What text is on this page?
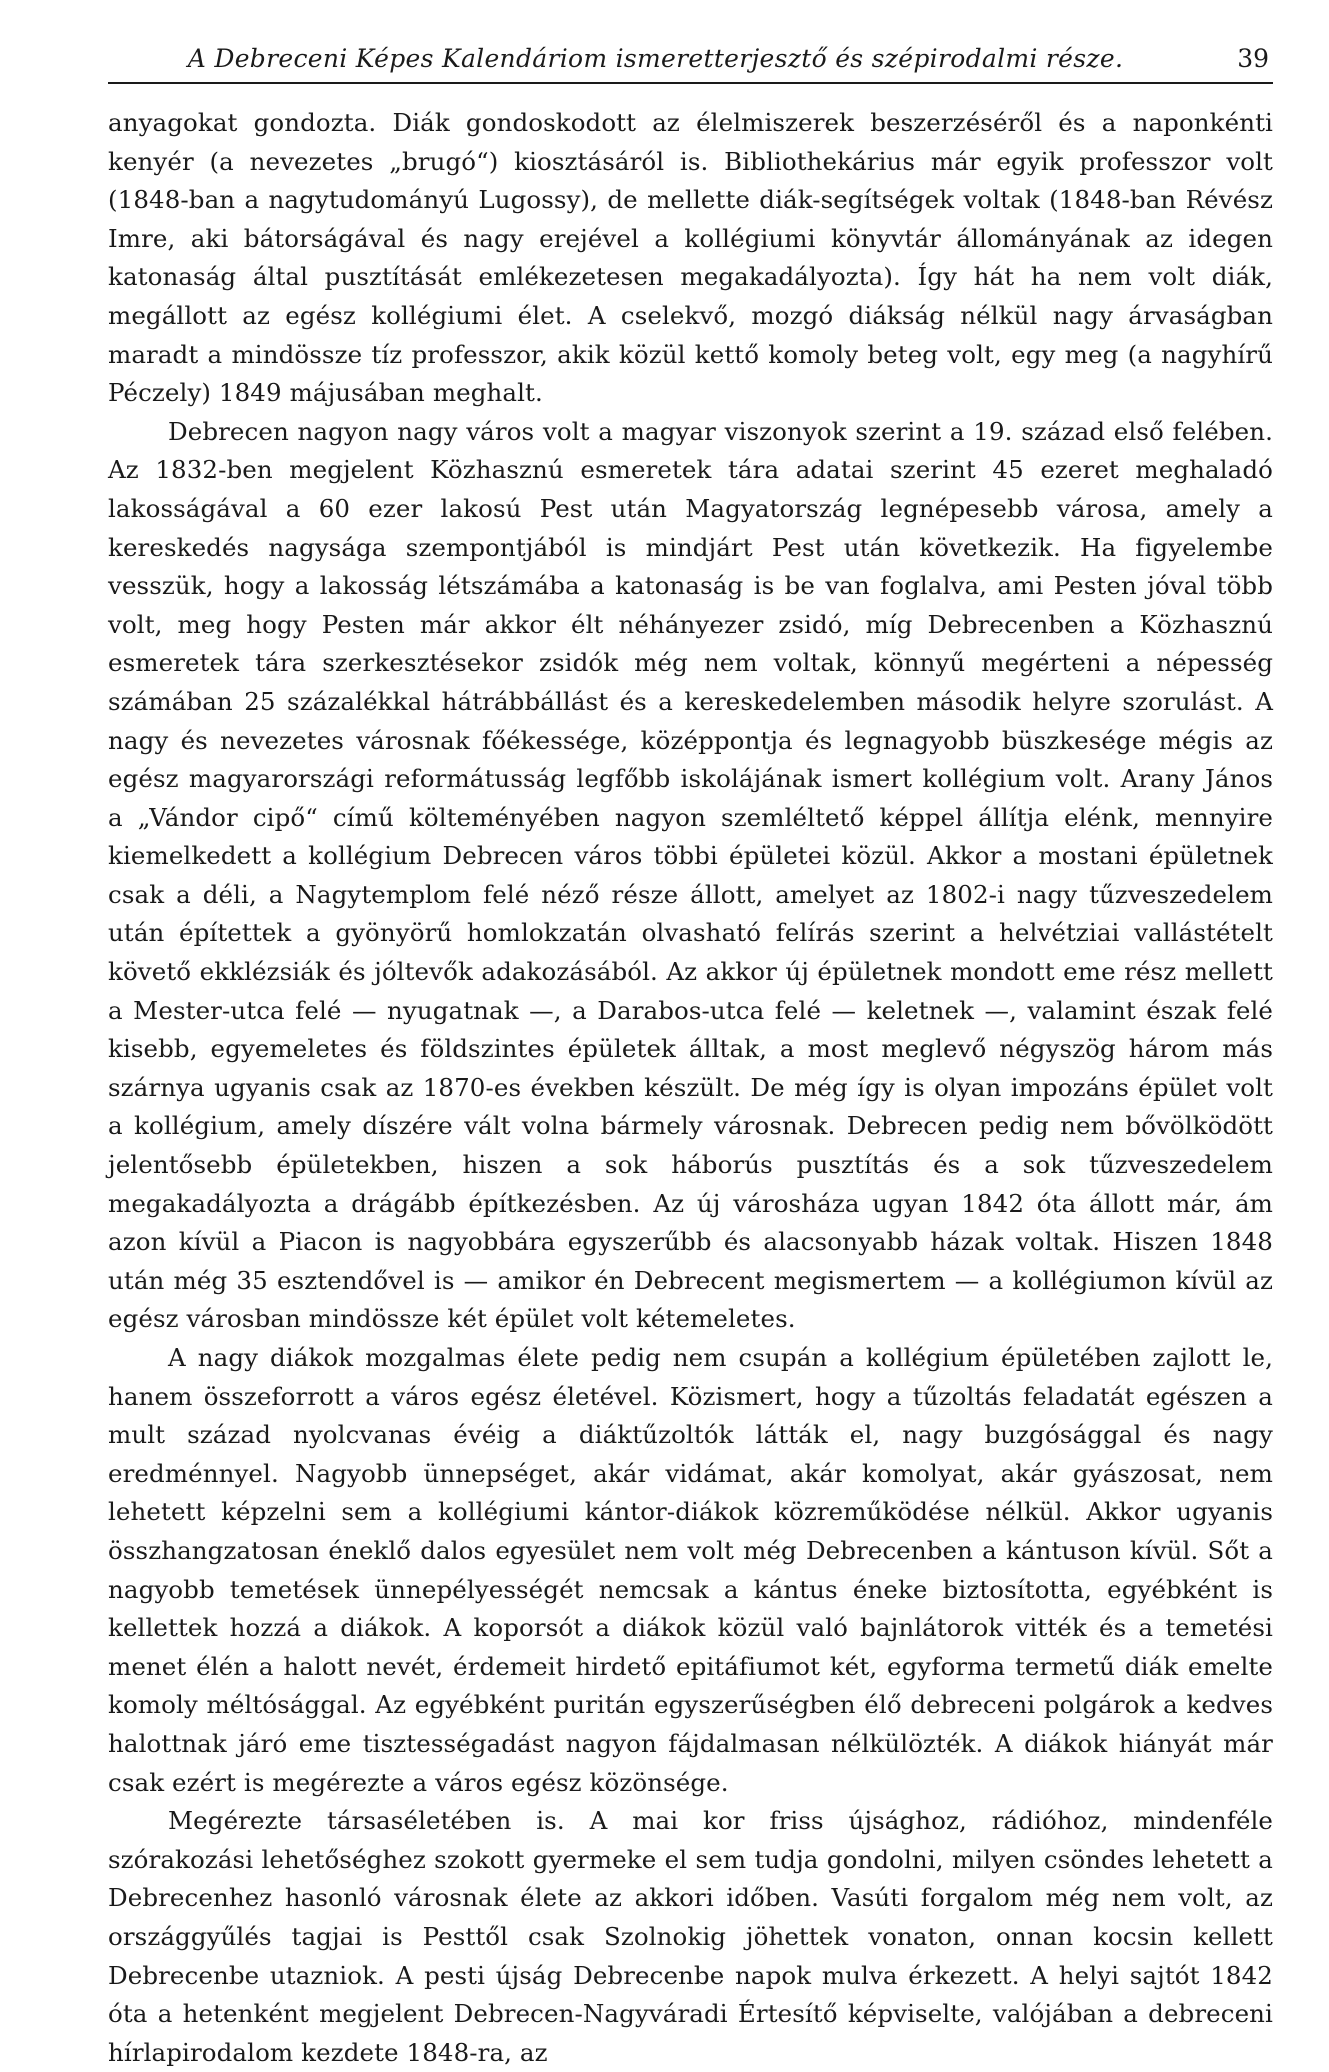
A Debreceni Képes Kalendáriom ismeretterjesztő és szépirodalmi része.	39

anyagokat gondozta. Diák gondoskodott az élelmiszerek beszerzéséről és a naponkénti kenyér (a nevezetes „brugó“) kiosztásáról is. Bibliothekárius már egyik professzor volt (1848-ban a nagytudományú Lugossy), de mellette diák-segítségek voltak (1848-ban Révész Imre, aki bátorságával és nagy erejével a kollégiumi könyvtár állományának az idegen katonaság által pusztítását emlékezetesen megakadályozta). Így hát ha nem volt diák, megállott az egész kollégiumi élet. A cselekvő, mozgó diákság nélkül nagy árvaságban maradt a mindössze tíz professzor, akik közül kettő komoly beteg volt, egy meg (a nagyhírű Péczely) 1849 májusában meghalt.

Debrecen nagyon nagy város volt a magyar viszonyok szerint a 19. század első felében. Az 1832-ben megjelent Közhasznú esmeretek tára adatai szerint 45 ezeret meghaladó lakosságával a 60 ezer lakosú Pest után Magyatország legnépesebb városa, amely a kereskedés nagysága szempontjából is mindjárt Pest után következik. Ha figyelembe vesszük, hogy a lakosság létszámába a katonaság is be van foglalva, ami Pesten jóval több volt, meg hogy Pesten már akkor élt néhányezer zsidó, míg Debrecenben a Közhasznú esmeretek tára szerkesztésekor zsidók még nem voltak, könnyű megérteni a népesség számában 25 százalékkal hátrábbállást és a kereskedelemben második helyre szorulást. A nagy és nevezetes városnak főékessége, középpontja és legnagyobb büszkesége mégis az egész magyarországi reformátusság legfőbb iskolájának ismert kollégium volt. Arany János a „Vándor cipő“ című költeményében nagyon szemléltető képpel állítja elénk, mennyire kiemelkedett a kollégium Debrecen város többi épületei közül. Akkor a mostani épületnek csak a déli, a Nagytemplom felé néző része állott, amelyet az 1802-i nagy tűzveszedelem után építettek a gyönyörű homlokzatán olvasható felírás szerint a helvétziai vallástételt követő ekklézsiák és jóltevők adakozásából. Az akkor új épületnek mondott eme rész mellett a Mester-utca felé — nyugatnak —, a Darabos-utca felé — keletnek —, valamint észak felé kisebb, egyemeletes és földszintes épületek álltak, a most meglevő négyszög három más szárnya ugyanis csak az 1870-es években készült. De még így is olyan impozáns épület volt a kollégium, amely díszére vált volna bármely városnak. Debrecen pedig nem bővölködött jelentősebb épületekben, hiszen a sok háborús pusztítás és a sok tűzveszedelem megakadályozta a drágább építkezésben. Az új városháza ugyan 1842 óta állott már, ám azon kívül a Piacon is nagyobbára egyszerűbb és alacsonyabb házak voltak. Hiszen 1848 után még 35 esztendővel is — amikor én Debrecent megismertem — a kollégiumon kívül az egész városban mindössze két épület volt kétemeletes.

A nagy diákok mozgalmas élete pedig nem csupán a kollégium épületében zajlott le, hanem összeforrott a város egész életével. Közismert, hogy a tűzoltás feladatát egészen a mult század nyolcvanas évéig a diáktűzoltók látták el, nagy buzgósággal és nagy eredménnyel. Nagyobb ünnepséget, akár vidámat, akár komolyat, akár gyászosat, nem lehetett képzelni sem a kollégiumi kántor-diákok közreműködése nélkül. Akkor ugyanis összhangzatosan éneklő dalos egyesület nem volt még Debrecenben a kántuson kívül. Sőt a nagyobb temetések ünnepélyességét nemcsak a kántus éneke biztosította, egyébként is kellettek hozzá a diákok. A koporsót a diákok közül való bajnlátorok vitték és a temetési menet élén a halott nevét, érdemeit hirdető epitáfiumot két, egyforma termetű diák emelte komoly méltósággal. Az egyébként puritán egyszerűségben élő debreceni polgárok a kedves halottnak járó eme tisztességadást nagyon fájdalmasan nélkülözték. A diákok hiányát már csak ezért is megérezte a város egész közönsége.

Megérezte társaséletében is. A mai kor friss újsághoz, rádióhoz, mindenféle szórakozási lehetőséghez szokott gyermeke el sem tudja gondolni, milyen csöndes lehetett a Debrecenhez hasonló városnak élete az akkori időben. Vasúti forgalom még nem volt, az országgyűlés tagjai is Pesttől csak Szolnokig jöhettek vonaton, onnan kocsin kellett Debrecenbe utazniok. A pesti újság Debrecenbe napok mulva érkezett. A helyi sajtót 1842 óta a hetenként megjelent Debrecen-Nagyváradi Értesítő képviselte, valójában a debreceni hírlapirodalom kezdete 1848-ra, az
